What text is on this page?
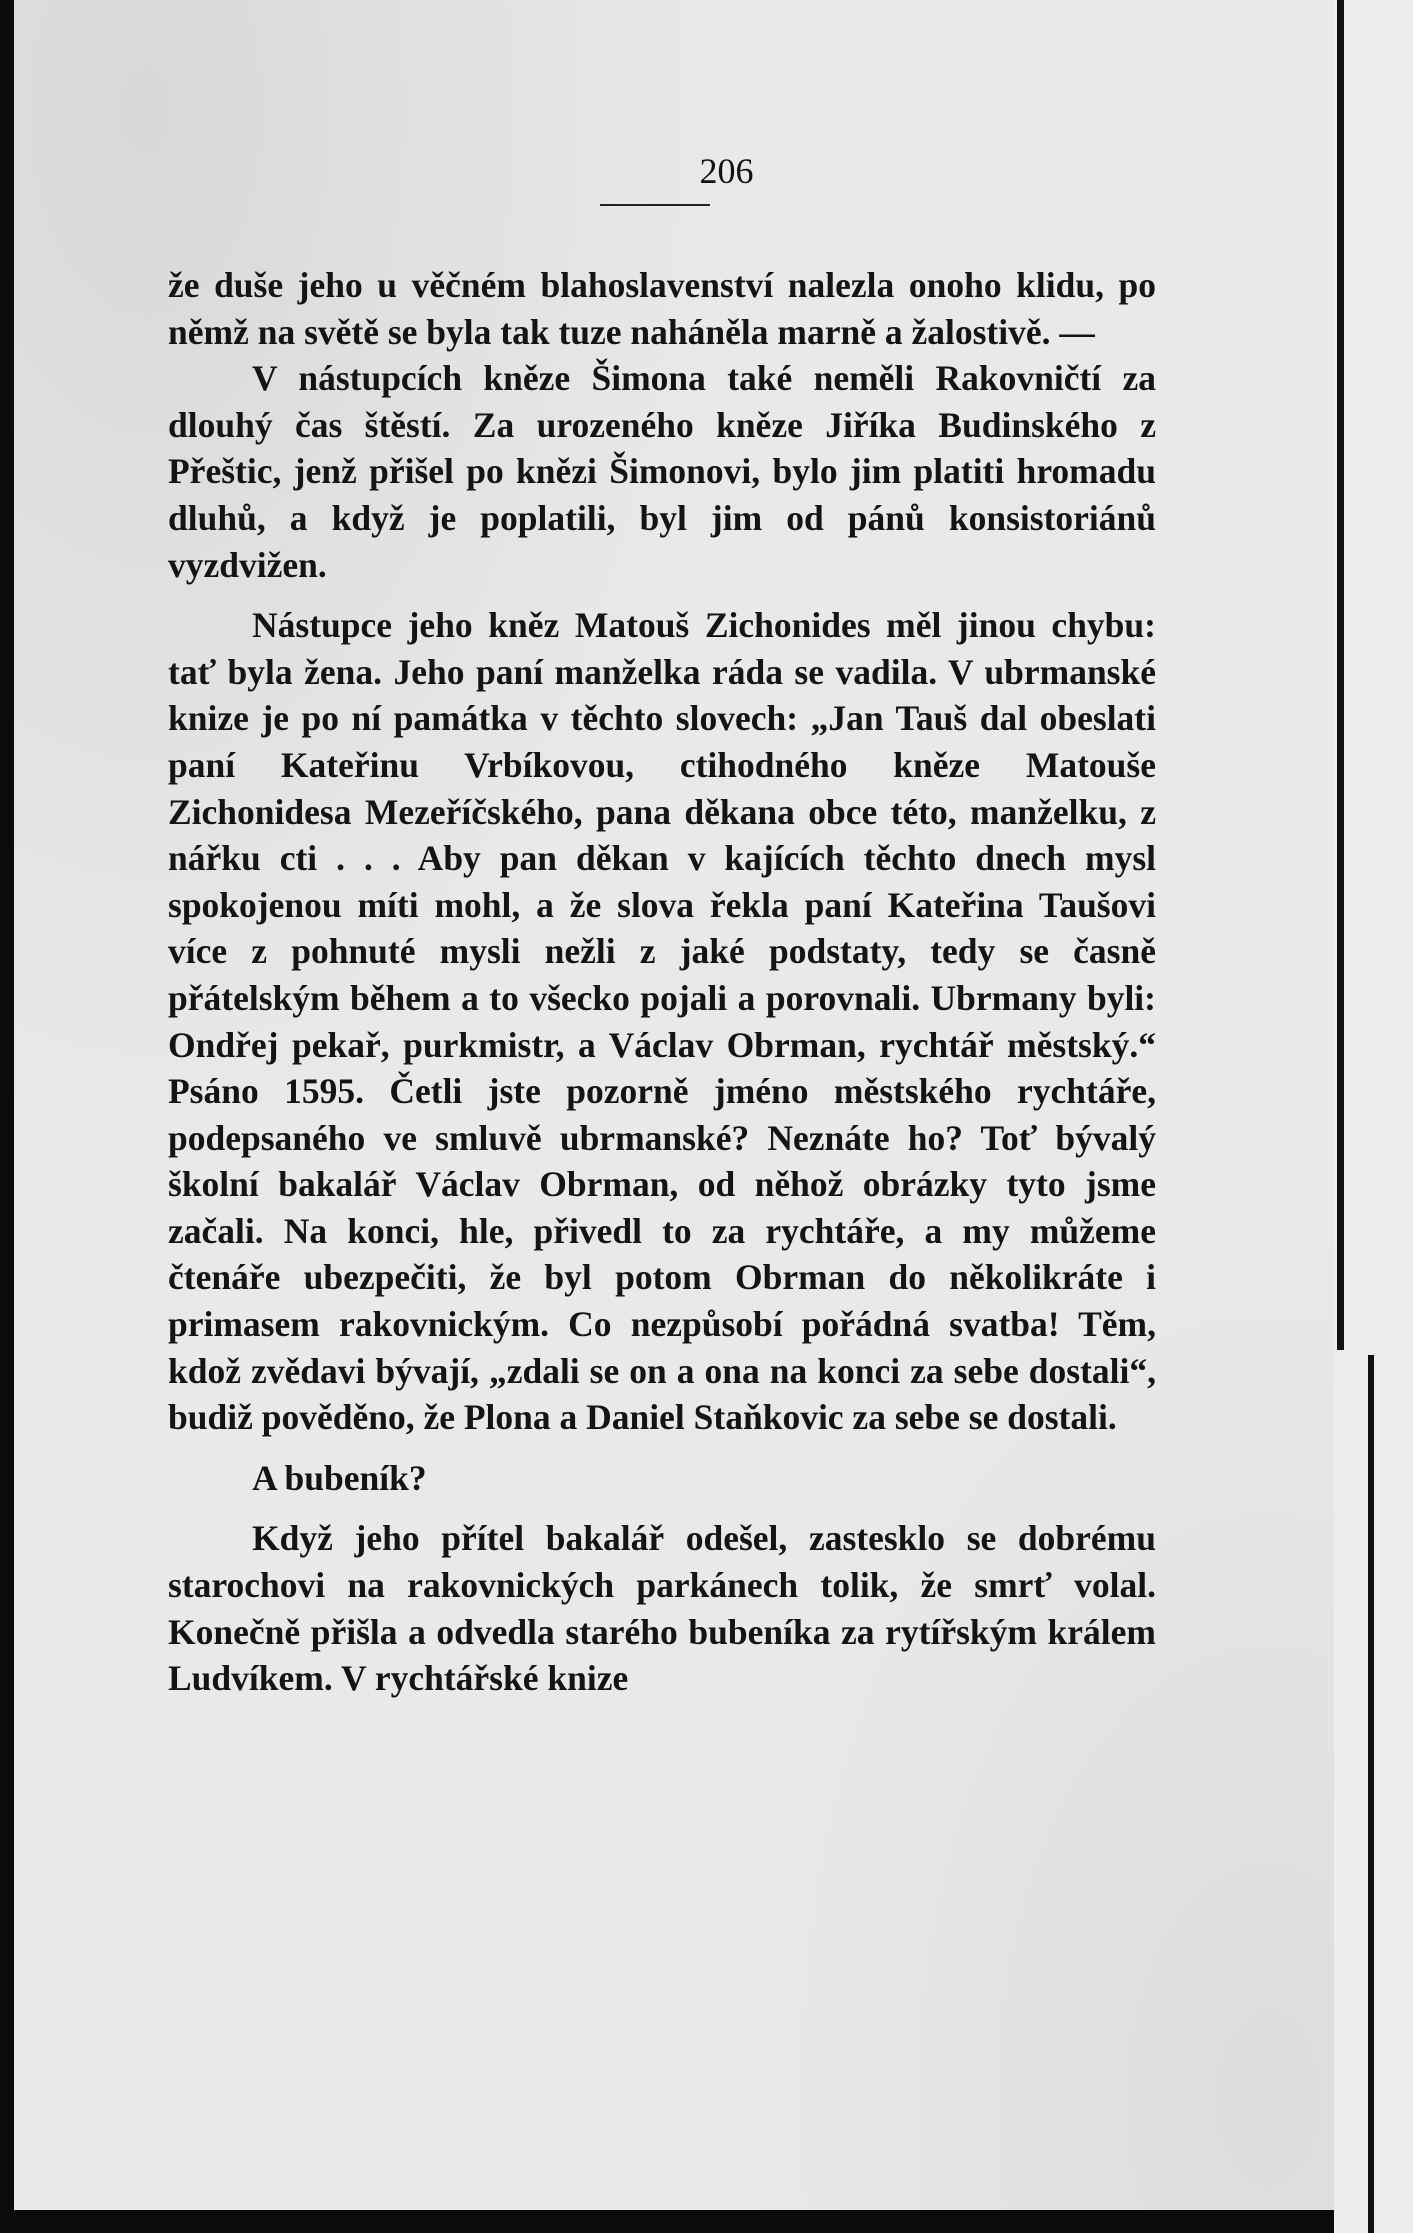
206

že duše jeho u věčném blahoslavenství nalezla onoho klidu, po němž na světě se byla tak tuze naháněla marně a žalostivě. —

V nástupcích kněze Šimona také neměli Rakovničtí za dlouhý čas štěstí. Za urozeného kněze Jiříka Budinského z Přeštic, jenž přišel po knězi Šimonovi, bylo jim platiti hromadu dluhů, a když je poplatili, byl jim od pánů konsistoriánů vyzdvižen.

Nástupce jeho kněz Matouš Zichonides měl jinou chybu: tať byla žena. Jeho paní manželka ráda se vadila. V ubrmanské knize je po ní památka v těchto slovech: „Jan Tauš dal obeslati paní Kateřinu Vrbíkovou, ctihodného kněze Matouše Zichonidesa Mezeříčského, pana děkana obce této, manželku, z nářku cti . . . Aby pan děkan v kajících těchto dnech mysl spokojenou míti mohl, a že slova řekla paní Kateřina Taušovi více z pohnuté mysli nežli z jaké podstaty, tedy se časně přátelským během a to všecko pojali a porovnali. Ubrmany byli: Ondřej pekař, purkmistr, a Václav Obrman, rychtář městský.“ Psáno 1595. Četli jste pozorně jméno městského rychtáře, podepsaného ve smluvě ubrmanské? Neznáte ho? Toť bývalý školní bakalář Václav Obrman, od něhož obrázky tyto jsme začali. Na konci, hle, přivedl to za rychtáře, a my můžeme čtenáře ubezpečiti, že byl potom Obrman do několikráte i primasem rakovnickým. Co nezpůsobí pořádná svatba! Těm, kdož zvědavi bývají, „zdali se on a ona na konci za sebe dostali“, budiž pověděno, že Plona a Daniel Staňkovic za sebe se dostali.

A bubeník?

Když jeho přítel bakalář odešel, zastesklo se dobrému starochovi na rakovnických parkánech tolik, že smrť volal. Konečně přišla a odvedla starého bubeníka za rytířským králem Ludvíkem. V rychtářské knize
